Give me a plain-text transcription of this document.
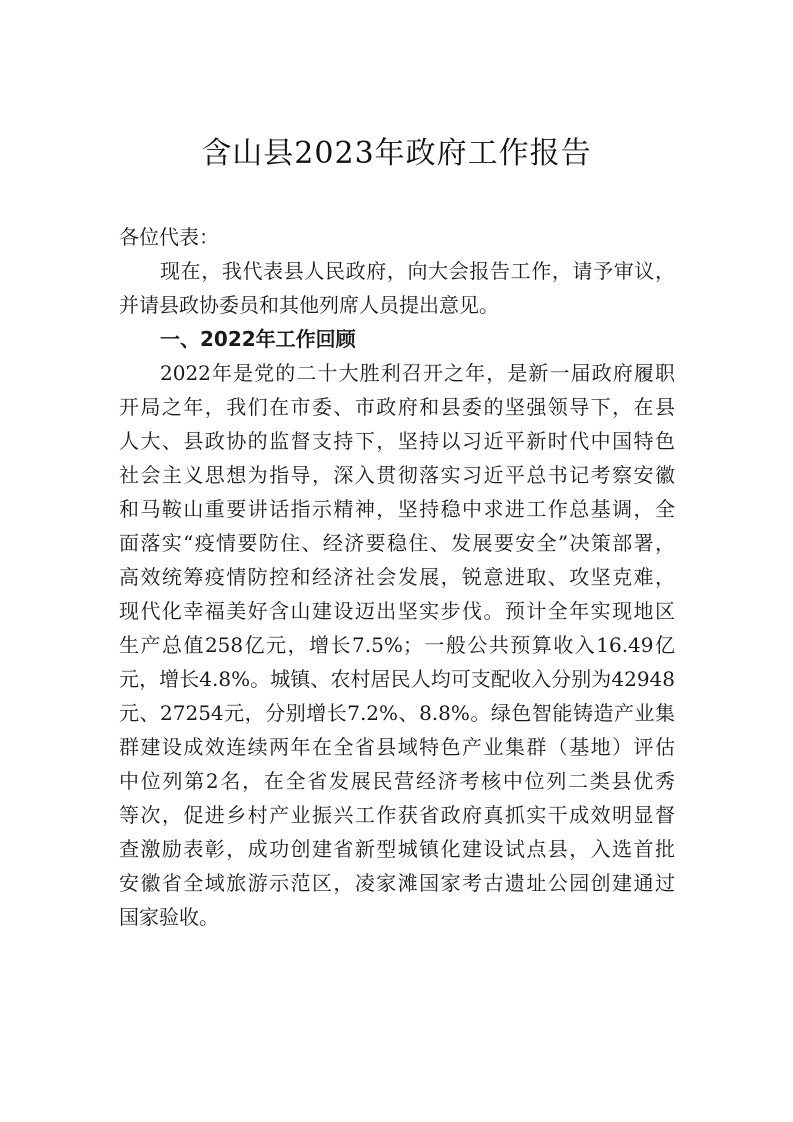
含山县2023年政府工作报告
各位代表：
现在，我代表县人民政府，向大会报告工作，请予审议，
并请县政协委员和其他列席人员提出意见。
一、2022年工作回顾
2022年是党的二十大胜利召开之年，是新一届政府履职
开局之年，我们在市委、市政府和县委的坚强领导下，在县
人大、县政协的监督支持下，坚持以习近平新时代中国特色
社会主义思想为指导，深入贯彻落实习近平总书记考察安徽
和马鞍山重要讲话指示精神，坚持稳中求进工作总基调，全
面落实“疫情要防住、经济要稳住、发展要安全”决策部署，
高效统筹疫情防控和经济社会发展，锐意进取、攻坚克难，
现代化幸福美好含山建设迈出坚实步伐。预计全年实现地区
生产总值258亿元，增长7.5%；一般公共预算收入16.49亿
元，增长4.8%。城镇、农村居民人均可支配收入分别为42948
元、27254元，分别增长7.2%、8.8%。绿色智能铸造产业集
群建设成效连续两年在全省县域特色产业集群（基地）评估
中位列第2名，在全省发展民营经济考核中位列二类县优秀
等次，促进乡村产业振兴工作获省政府真抓实干成效明显督
查激励表彰，成功创建省新型城镇化建设试点县，入选首批
安徽省全域旅游示范区，凌家滩国家考古遗址公园创建通过
国家验收。
